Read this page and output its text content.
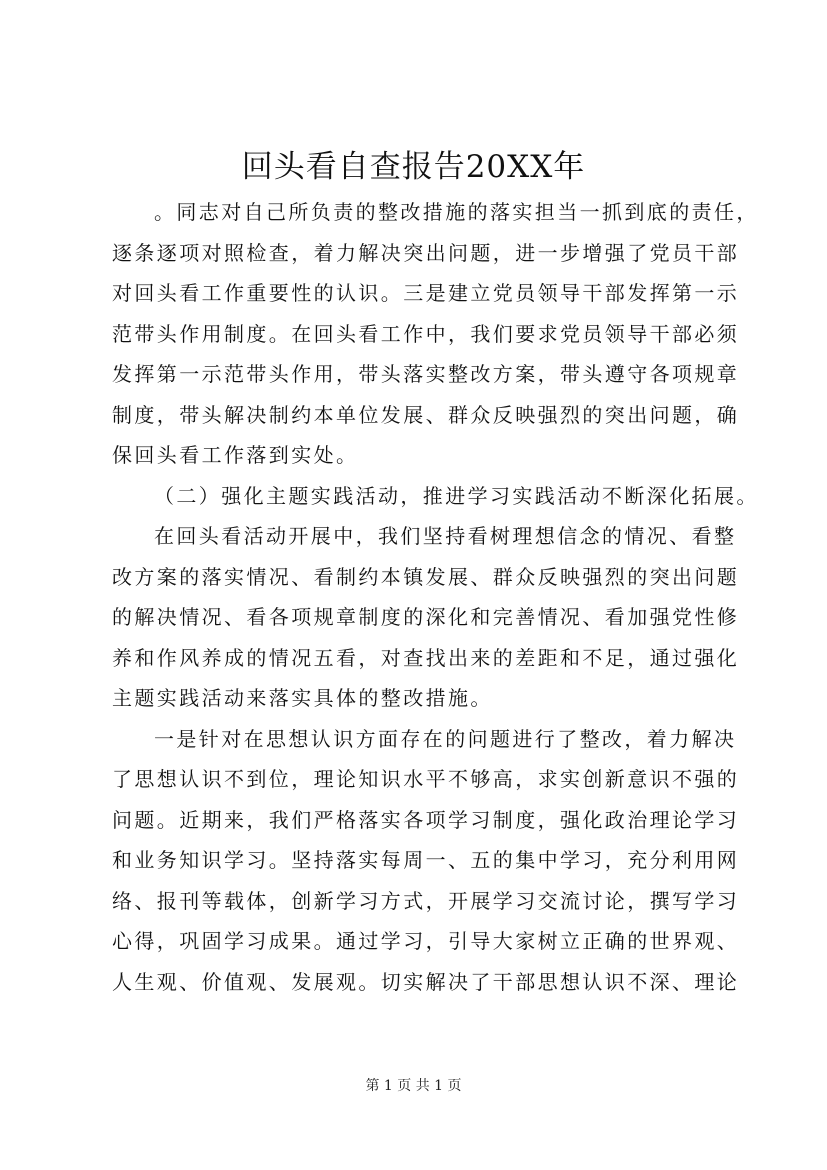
回头看自查报告20XX年
。同志对自己所负责的整改措施的落实担当一抓到底的责任，
逐条逐项对照检查，着力解决突出问题，进一步增强了党员干部
对回头看工作重要性的认识。三是建立党员领导干部发挥第一示
范带头作用制度。在回头看工作中，我们要求党员领导干部必须
发挥第一示范带头作用，带头落实整改方案，带头遵守各项规章
制度，带头解决制约本单位发展、群众反映强烈的突出问题，确
保回头看工作落到实处。
（二）强化主题实践活动，推进学习实践活动不断深化拓展。
在回头看活动开展中，我们坚持看树理想信念的情况、看整
改方案的落实情况、看制约本镇发展、群众反映强烈的突出问题
的解决情况、看各项规章制度的深化和完善情况、看加强党性修
养和作风养成的情况五看，对查找出来的差距和不足，通过强化
主题实践活动来落实具体的整改措施。
一是针对在思想认识方面存在的问题进行了整改，着力解决
了思想认识不到位，理论知识水平不够高，求实创新意识不强的
问题。近期来，我们严格落实各项学习制度，强化政治理论学习
和业务知识学习。坚持落实每周一、五的集中学习，充分利用网
络、报刊等载体，创新学习方式，开展学习交流讨论，撰写学习
心得，巩固学习成果。通过学习，引导大家树立正确的世界观、
人生观、价值观、发展观。切实解决了干部思想认识不深、理论
第 1 页 共 1 页
